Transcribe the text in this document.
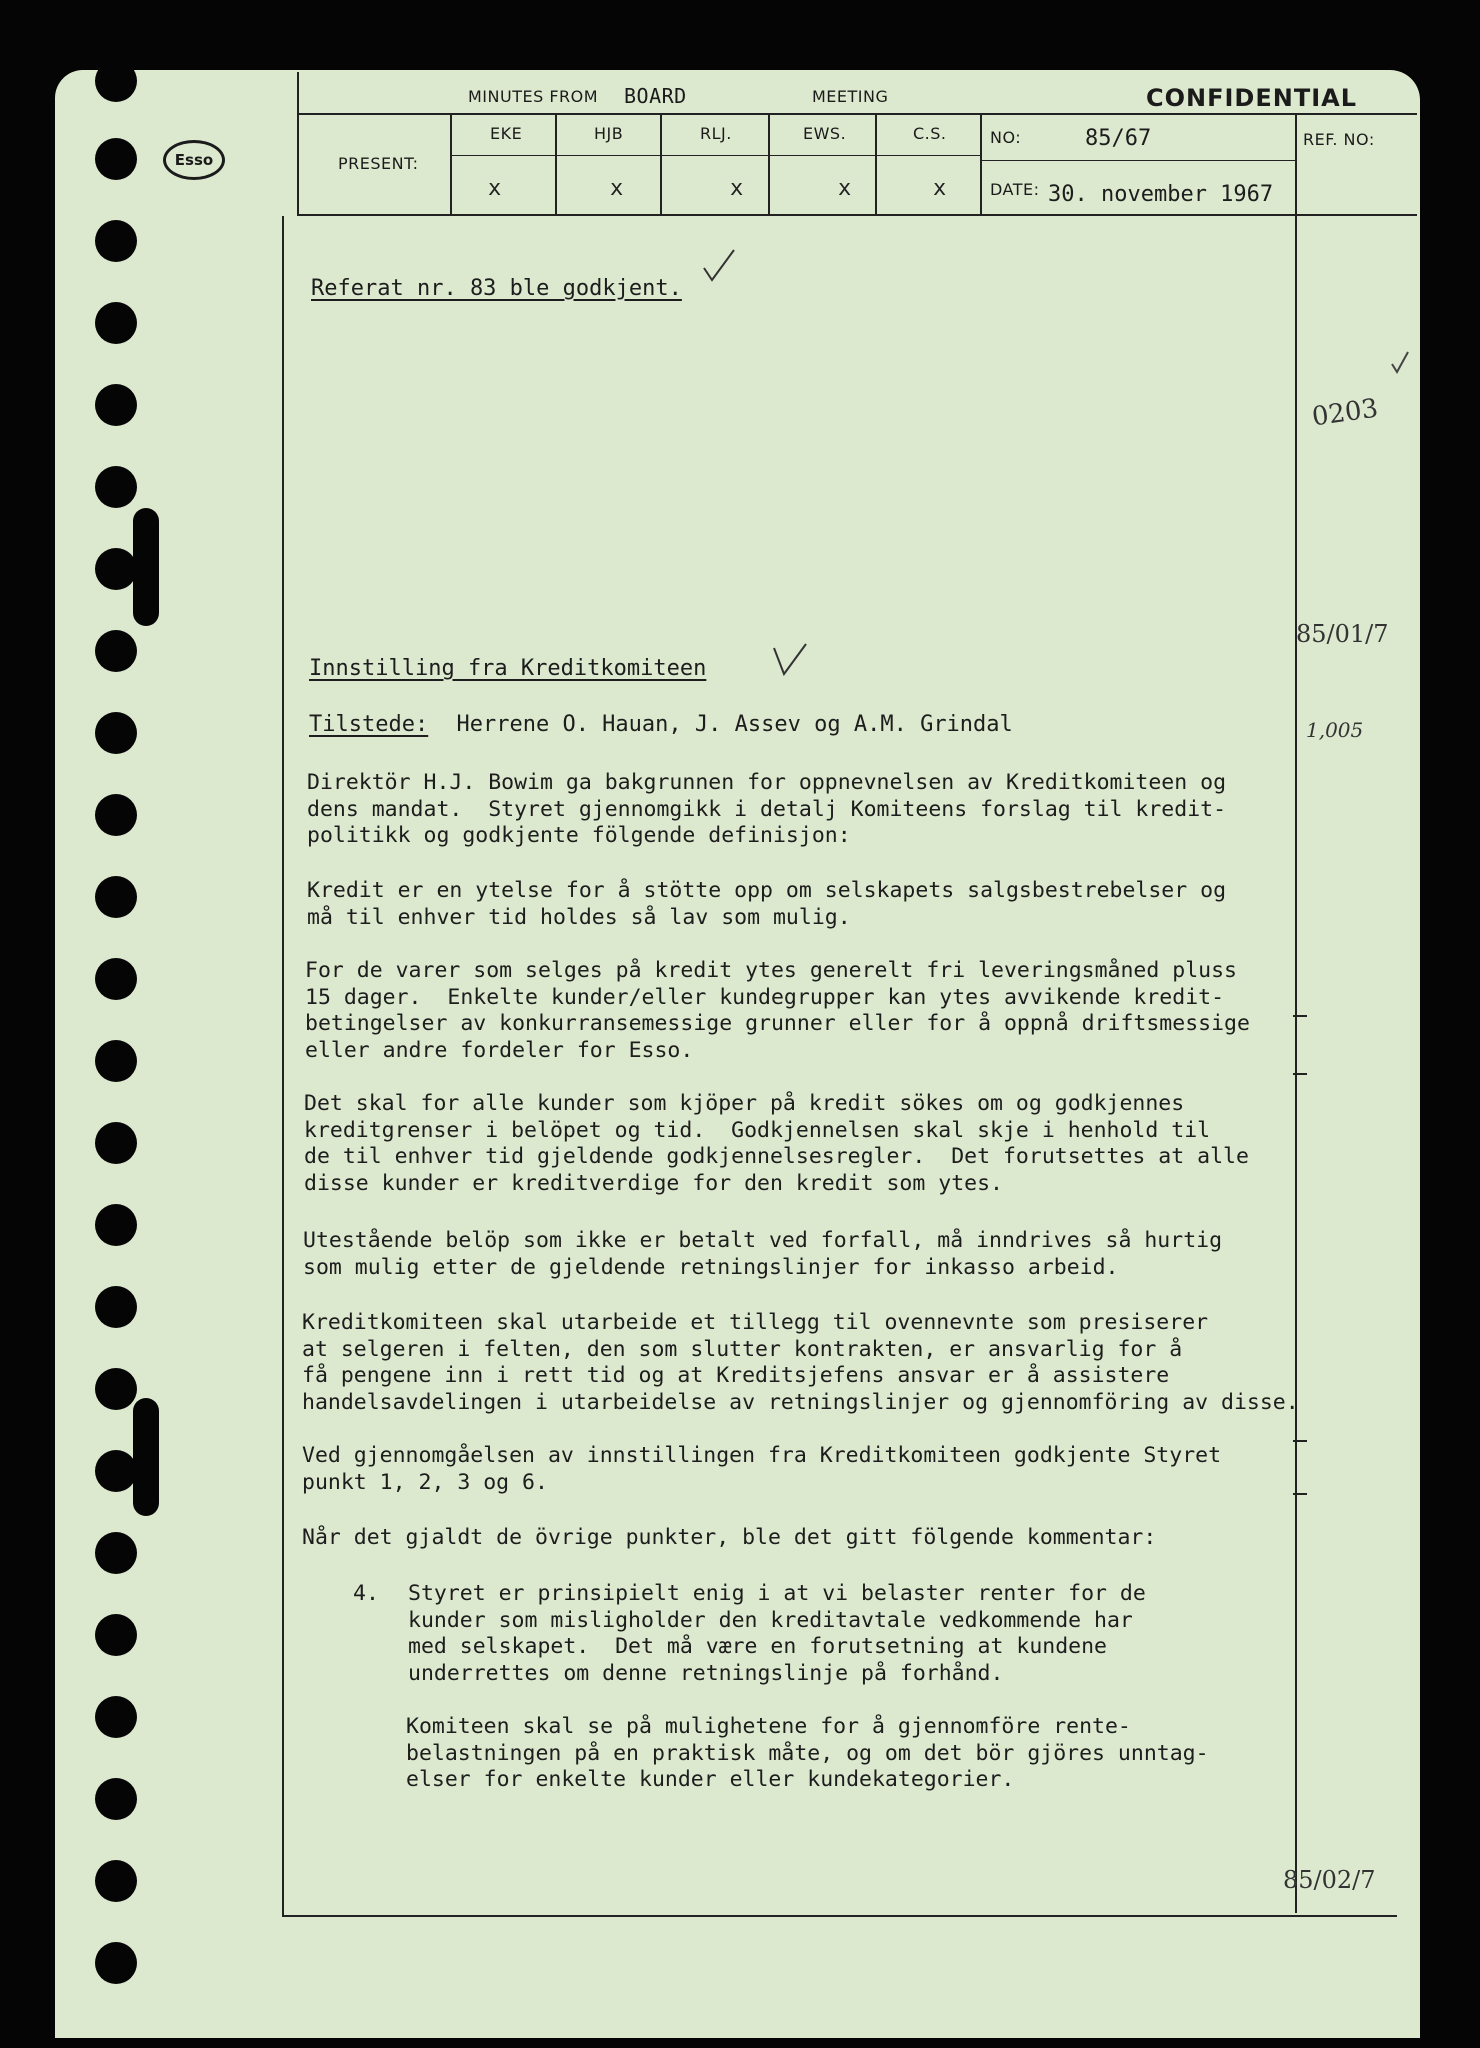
Esso
MINUTES FROM BOARD	MEETING	CONFIDENTIAL
PRESENT:
EKE	HJB	RLJ.	EWS.	C.S.
x	x	x	x	x
NO:	85/67
DATE: 30. november 1967
REF. NO:
0203
85/01/7
1,005
85/02/7
Referat nr. 83 ble godkjent.
Innstilling fra Kreditkomiteen
Tilstede: Herrene O. Hauan, J. Assev og A.M. Grindal
Direktör H.J. Bowim ga bakgrunnen for oppnevnelsen av Kreditkomiteen og
dens mandat.  Styret gjennomgikk i detalj Komiteens forslag til kredit-
politikk og godkjente fölgende definisjon:
Kredit er en ytelse for å stötte opp om selskapets salgsbestrebelser og
må til enhver tid holdes så lav som mulig.
For de varer som selges på kredit ytes generelt fri leveringsmåned pluss
15 dager.  Enkelte kunder/eller kundegrupper kan ytes avvikende kredit-
betingelser av konkurransemessige grunner eller for å oppnå driftsmessige
eller andre fordeler for Esso.
Det skal for alle kunder som kjöper på kredit sökes om og godkjennes
kreditgrenser i belöpet og tid.  Godkjennelsen skal skje i henhold til
de til enhver tid gjeldende godkjennelsesregler.  Det forutsettes at alle
disse kunder er kreditverdige for den kredit som ytes.
Utestående belöp som ikke er betalt ved forfall, må inndrives så hurtig
som mulig etter de gjeldende retningslinjer for inkasso arbeid.
Kreditkomiteen skal utarbeide et tillegg til ovennevnte som presiserer
at selgeren i felten, den som slutter kontrakten, er ansvarlig for å
få pengene inn i rett tid og at Kreditsjefens ansvar er å assistere
handelsavdelingen i utarbeidelse av retningslinjer og gjennomföring av disse.
Ved gjennomgåelsen av innstillingen fra Kreditkomiteen godkjente Styret
punkt 1, 2, 3 og 6.
Når det gjaldt de övrige punkter, ble det gitt fölgende kommentar:
4. Styret er prinsipielt enig i at vi belaster renter for de
kunder som misligholder den kreditavtale vedkommende har
med selskapet.  Det må være en forutsetning at kundene
underrettes om denne retningslinje på forhånd.
Komiteen skal se på mulighetene for å gjennomföre rente-
belastningen på en praktisk måte, og om det bör gjöres unntag-
elser for enkelte kunder eller kundekategorier.
